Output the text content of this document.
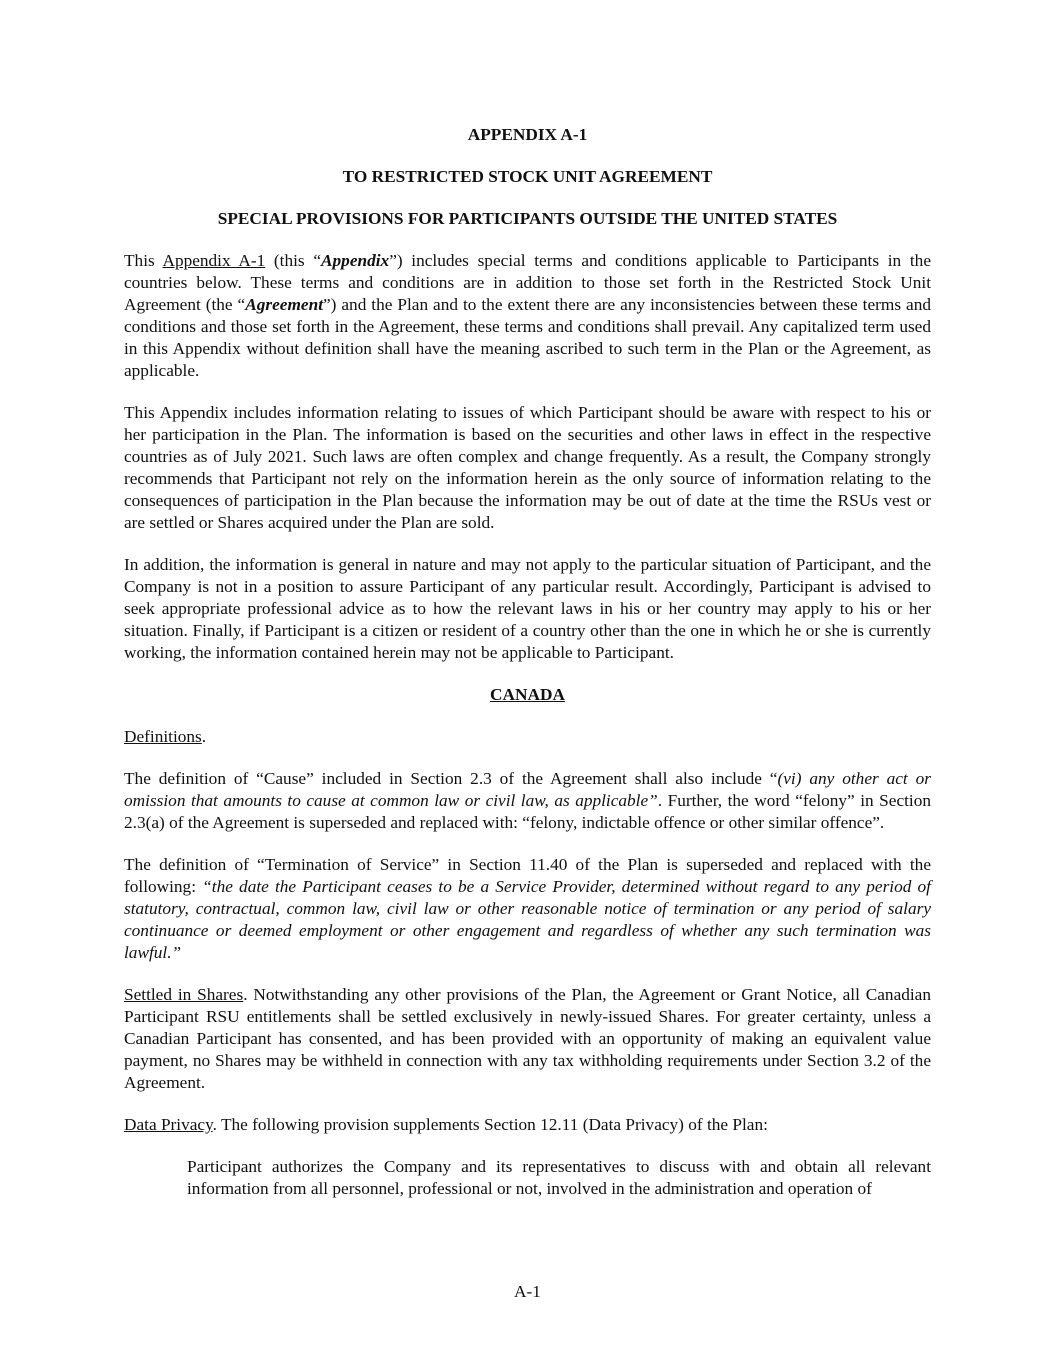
APPENDIX A-1
TO RESTRICTED STOCK UNIT AGREEMENT
SPECIAL PROVISIONS FOR PARTICIPANTS OUTSIDE THE UNITED STATES

This Appendix A-1 (this “Appendix”) includes special terms and conditions applicable to Participants in the countries below. These terms and conditions are in addition to those set forth in the Restricted Stock Unit Agreement (the “Agreement”) and the Plan and to the extent there are any inconsistencies between these terms and conditions and those set forth in the Agreement, these terms and conditions shall prevail. Any capitalized term used in this Appendix without definition shall have the meaning ascribed to such term in the Plan or the Agreement, as applicable.

This Appendix includes information relating to issues of which Participant should be aware with respect to his or her participation in the Plan. The information is based on the securities and other laws in effect in the respective countries as of July 2021. Such laws are often complex and change frequently. As a result, the Company strongly recommends that Participant not rely on the information herein as the only source of information relating to the consequences of participation in the Plan because the information may be out of date at the time the RSUs vest or are settled or Shares acquired under the Plan are sold.

In addition, the information is general in nature and may not apply to the particular situation of Participant, and the Company is not in a position to assure Participant of any particular result. Accordingly, Participant is advised to seek appropriate professional advice as to how the relevant laws in his or her country may apply to his or her situation. Finally, if Participant is a citizen or resident of a country other than the one in which he or she is currently working, the information contained herein may not be applicable to Participant.

CANADA

Definitions.

The definition of “Cause” included in Section 2.3 of the Agreement shall also include “(vi) any other act or omission that amounts to cause at common law or civil law, as applicable”. Further, the word “felony” in Section 2.3(a) of the Agreement is superseded and replaced with: “felony, indictable offence or other similar offence”.

The definition of “Termination of Service” in Section 11.40 of the Plan is superseded and replaced with the following: “the date the Participant ceases to be a Service Provider, determined without regard to any period of statutory, contractual, common law, civil law or other reasonable notice of termination or any period of salary continuance or deemed employment or other engagement and regardless of whether any such termination was lawful.”

Settled in Shares. Notwithstanding any other provisions of the Plan, the Agreement or Grant Notice, all Canadian Participant RSU entitlements shall be settled exclusively in newly-issued Shares. For greater certainty, unless a Canadian Participant has consented, and has been provided with an opportunity of making an equivalent value payment, no Shares may be withheld in connection with any tax withholding requirements under Section 3.2 of the Agreement.

Data Privacy. The following provision supplements Section 12.11 (Data Privacy) of the Plan:

Participant authorizes the Company and its representatives to discuss with and obtain all relevant information from all personnel, professional or not, involved in the administration and operation of

A-1
